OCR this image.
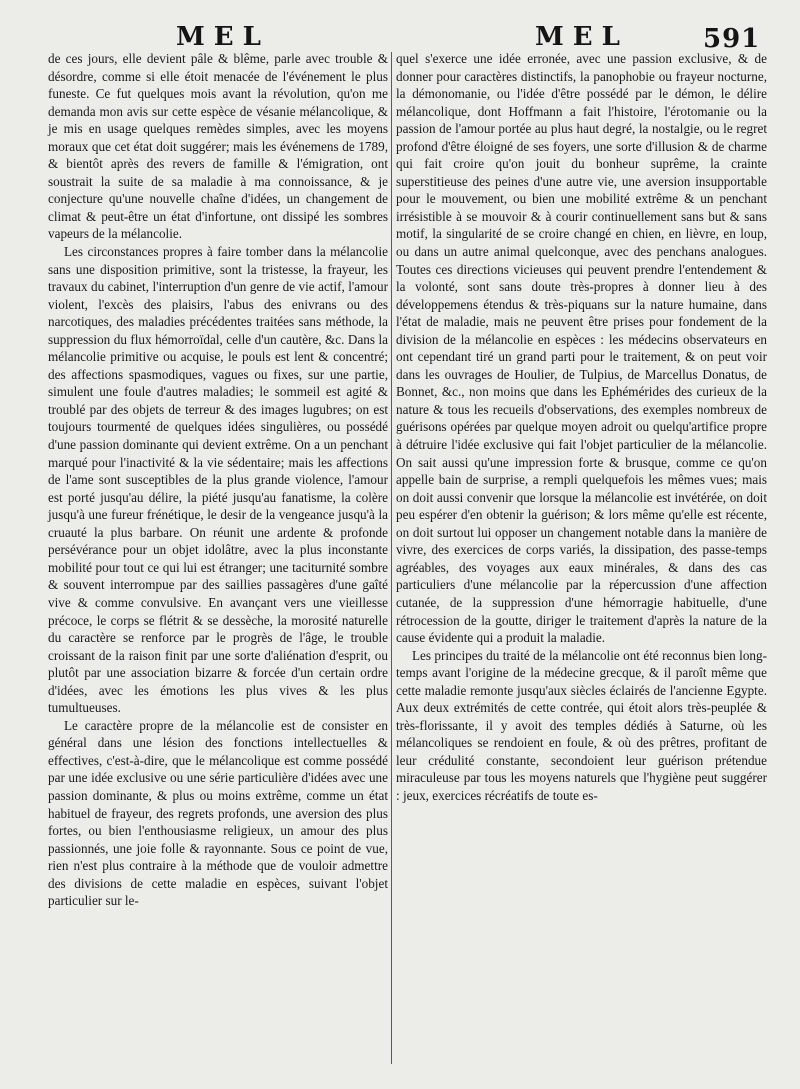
MEL	MEL	591

de ces jours, elle devient pâle & blême, parle avec trouble & désordre, comme si elle étoit menacée de l'événement le plus funeste. Ce fut quelques mois avant la révolution, qu'on me demanda mon avis sur cette espèce de vésanie mélancolique, & je mis en usage quelques remèdes simples, avec les moyens moraux que cet état doit suggérer; mais les événemens de 1789, & bientôt après des revers de famille & l'émigration, ont soustrait la suite de sa maladie à ma connoissance, & je conjecture qu'une nouvelle chaîne d'idées, un changement de climat & peut-être un état d'infortune, ont dissipé les sombres vapeurs de la mélancolie.

Les circonstances propres à faire tomber dans la mélancolie sans une disposition primitive, sont la tristesse, la frayeur, les travaux du cabinet, l'interruption d'un genre de vie actif, l'amour violent, l'excès des plaisirs, l'abus des enivrans ou des narcotiques, des maladies précédentes traitées sans méthode, la suppression du flux hémorroïdal, celle d'un cautère, &c. Dans la mélancolie primitive ou acquise, le pouls est lent & concentré; des affections spasmodiques, vagues ou fixes, sur une partie, simulent une foule d'autres maladies; le sommeil est agité & troublé par des objets de terreur & des images lugubres; on est toujours tourmenté de quelques idées singulières, ou possédé d'une passion dominante qui devient extrême. On a un penchant marqué pour l'inactivité & la vie sédentaire; mais les affections de l'ame sont susceptibles de la plus grande violence, l'amour est porté jusqu'au délire, la piété jusqu'au fanatisme, la colère jusqu'à une fureur frénétique, le desir de la vengeance jusqu'à la cruauté la plus barbare. On réunit une ardente & profonde persévérance pour un objet idolâtre, avec la plus inconstante mobilité pour tout ce qui lui est étranger; une taciturnité sombre & souvent interrompue par des saillies passagères d'une gaîté vive & comme convulsive. En avançant vers une vieillesse précoce, le corps se flétrit & se dessèche, la morosité naturelle du caractère se renforce par le progrès de l'âge, le trouble croissant de la raison finit par une sorte d'aliénation d'esprit, ou plutôt par une association bizarre & forcée d'un certain ordre d'idées, avec les émotions les plus vives & les plus tumultueuses.

Le caractère propre de la mélancolie est de consister en général dans une lésion des fonctions intellectuelles & effectives, c'est-à-dire, que le mélancolique est comme possédé par une idée exclusive ou une série particulière d'idées avec une passion dominante, & plus ou moins extrême, comme un état habituel de frayeur, des regrets profonds, une aversion des plus fortes, ou bien l'enthousiasme religieux, un amour des plus passionnés, une joie folle & rayonnante. Sous ce point de vue, rien n'est plus contraire à la méthode que de vouloir admettre des divisions de cette maladie en espèces, suivant l'objet particulier sur le-

quel s'exerce une idée erronée, avec une passion exclusive, & de donner pour caractères distinctifs, la panophobie ou frayeur nocturne, la démonomanie, ou l'idée d'être possédé par le démon, le délire mélancolique, dont Hoffmann a fait l'histoire, l'érotomanie ou la passion de l'amour portée au plus haut degré, la nostalgie, ou le regret profond d'être éloigné de ses foyers, une sorte d'illusion & de charme qui fait croire qu'on jouit du bonheur suprême, la crainte superstitieuse des peines d'une autre vie, une aversion insupportable pour le mouvement, ou bien une mobilité extrême & un penchant irrésistible à se mouvoir & à courir continuellement sans but & sans motif, la singularité de se croire changé en chien, en lièvre, en loup, ou dans un autre animal quelconque, avec des penchans analogues. Toutes ces directions vicieuses qui peuvent prendre l'entendement & la volonté, sont sans doute très-propres à donner lieu à des développemens étendus & très-piquans sur la nature humaine, dans l'état de maladie, mais ne peuvent être prises pour fondement de la division de la mélancolie en espèces : les médecins observateurs en ont cependant tiré un grand parti pour le traitement, & on peut voir dans les ouvrages de Houlier, de Tulpius, de Marcellus Donatus, de Bonnet, &c., non moins que dans les Ephémérides des curieux de la nature & tous les recueils d'observations, des exemples nombreux de guérisons opérées par quelque moyen adroit ou quelqu'artifice propre à détruire l'idée exclusive qui fait l'objet particulier de la mélancolie. On sait aussi qu'une impression forte & brusque, comme ce qu'on appelle bain de surprise, a rempli quelquefois les mêmes vues; mais on doit aussi convenir que lorsque la mélancolie est invétérée, on doit peu espérer d'en obtenir la guérison; & lors même qu'elle est récente, on doit surtout lui opposer un changement notable dans la manière de vivre, des exercices de corps variés, la dissipation, des passe-temps agréables, des voyages aux eaux minérales, & dans des cas particuliers d'une mélancolie par la répercussion d'une affection cutanée, de la suppression d'une hémorragie habituelle, d'une rétrocession de la goutte, diriger le traitement d'après la nature de la cause évidente qui a produit la maladie.

Les principes du traité de la mélancolie ont été reconnus bien long-temps avant l'origine de la médecine grecque, & il paroît même que cette maladie remonte jusqu'aux siècles éclairés de l'ancienne Egypte. Aux deux extrémités de cette contrée, qui étoit alors très-peuplée & très-florissante, il y avoit des temples dédiés à Saturne, où les mélancoliques se rendoient en foule, & où des prêtres, profitant de leur crédulité constante, secondoient leur guérison prétendue miraculeuse par tous les moyens naturels que l'hygiène peut suggérer : jeux, exercices récréatifs de toute es-
